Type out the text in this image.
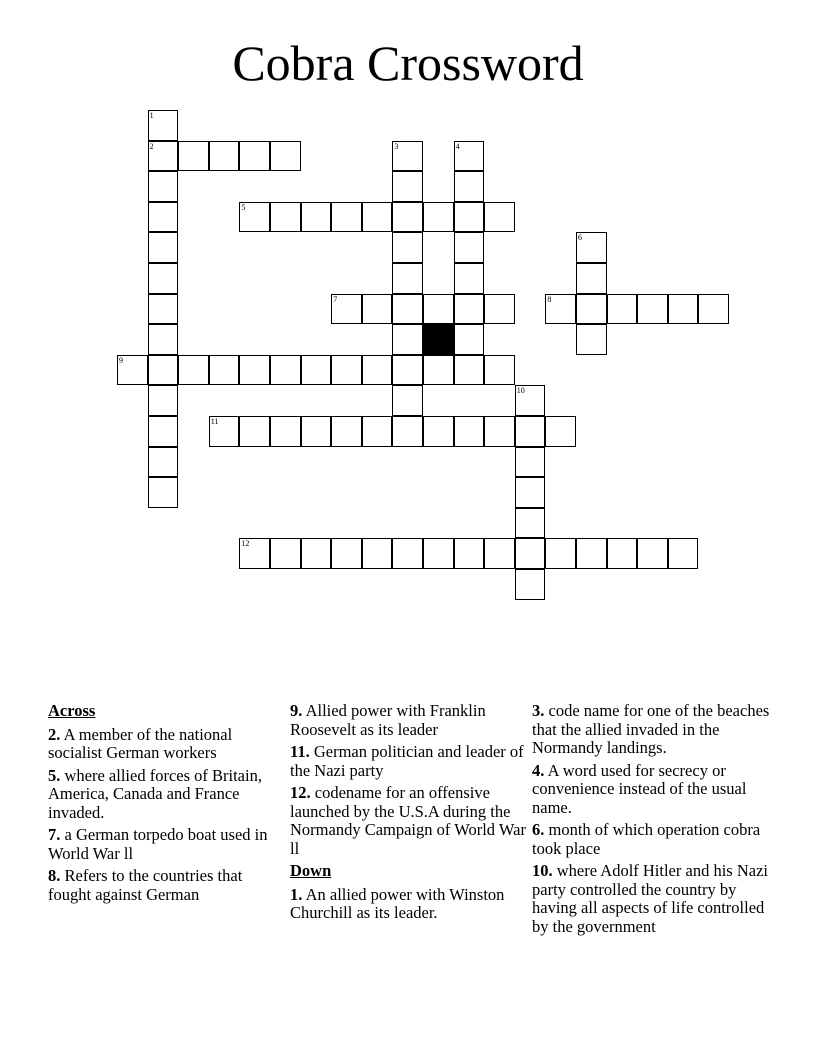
Cobra Crossword
1
2	3	4
5
6
7	8
9
10
11
12
Across
2. A member of the national socialist German workers
5. where allied forces of Britain, America, Canada and France invaded.
7. a German torpedo boat used in World War ll
8. Refers to the countries that fought against German
9. Allied power with Franklin Roosevelt as its leader
11. German politician and leader of the Nazi party
12. codename for an offensive launched by the U.S.A during the Normandy Campaign of World War ll
Down
1. An allied power with Winston Churchill as its leader.
3. code name for one of the beaches that the allied invaded in the Normandy landings.
4. A word used for secrecy or convenience instead of the usual name.
6. month of which operation cobra took place
10. where Adolf Hitler and his Nazi party controlled the country by having all aspects of life controlled by the government
